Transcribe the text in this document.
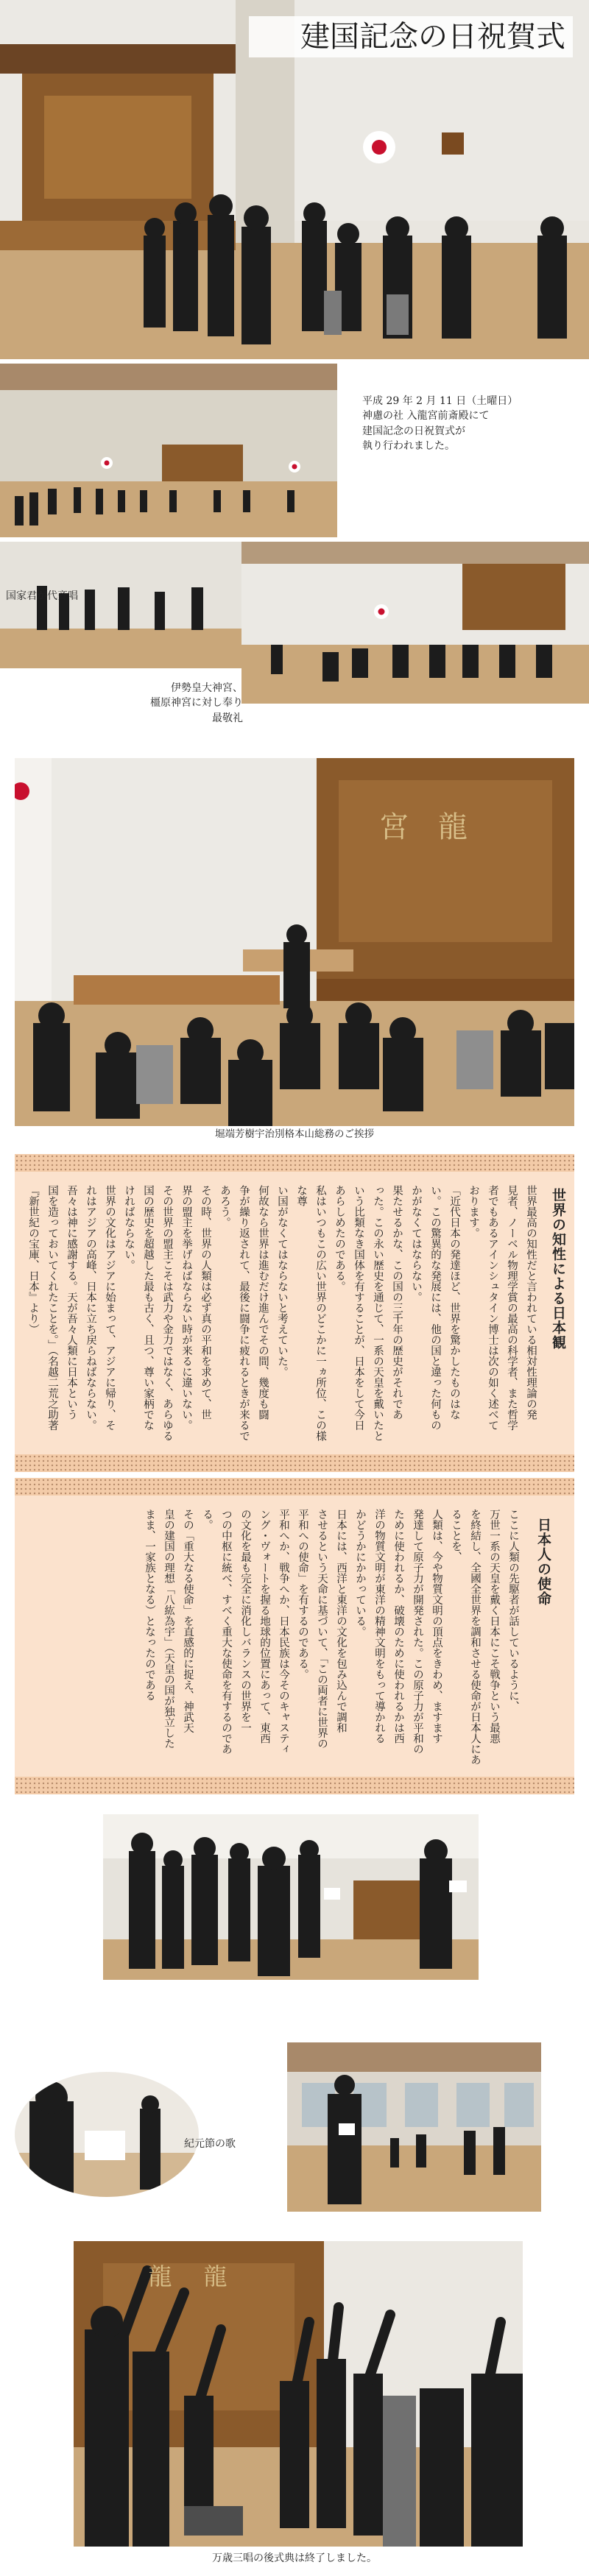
建国記念の日祝賀式
平成 29 年 2 月 11 日（土曜日）
神慮の社 入龍宮前斎殿にて
建国記念の日祝賀式が
執り行われました。
国家君が代斉唱
伊勢皇大神宮、
橿原神宮に対し奉り
最敬礼
宮 龍
堀端芳樹宇治別格本山総務のご挨拶
世界の知性による日本観
世界最高の知性だと言われている相対性理論の発
見者、ノーベル物理学賞の最高の科学者、また哲学
者でもあるアインシュタイン博士は次の如く述べて
おります。
「近代日本の発達ほど、世界を驚かしたものはな
い。この驚異的な発展には、他の国と違った何もの
かがなくてはならない。
果たせるかな、この国の三千年の歴史がそれであ
った。この永い歴史を通じて、一系の天皇を戴いたと
いう比類なき国体を有することが、日本をして今日
あらしめたのである。
私はいつもこの広い世界のどこかに一ヵ所位、この様な尊
い国がなくてはならないと考えていた。
何故なら世界は進むだけ進んでその間、幾度も闘
争が繰り返されて、最後に闘争に疲れるときが来るで
あろう。
その時、世界の人類は必ず真の平和を求めて、世
界の盟主を挙げねばならない時が来るに違いない。
その世界の盟主こそは武力や金力ではなく、あらゆる
国の歴史を超越した最も古く、且つ、尊い家柄でな
ければならない。
世界の文化はアジアに始まって、アジアに帰り、そ
れはアジアの高峰、日本に立ち戻らねばならない。
吾々は神に感謝する。天が吾々人類に日本という
国を造っておいてくれたことを。」（名越二荒之助著
『新世紀の宝庫、日本』より）
日本人の使命
ここに人類の先駆者が話しているように、
万世一系の天皇を戴く日本にこそ戦争という最悪
を終結し、全國全世界を調和させる使命が日本人にあ
ることを、
人類は、今や物質文明の頂点をきわめ、ますます
発達して原子力が開発された。この原子力が平和の
ために使われるか、破壊のために使われるかは西
洋の物質文明が東洋の精神文明をもって導かれる
かどうかにかかっている。
日本には、西洋と東洋の文化を包み込んで調和
させるという天命に基づいて、「この両者に世界の
平和への使命」を有するのである。
平和へか、戦争へか、日本民族は今そのキャスティ
ング・ヴォートを握る地球的位置にあって、東西
の文化を最も完全に消化しバランスの世界を一
つの中枢に統べ、すべく重大な使命を有するのであ
る。
その「重大なる使命」を直感的に捉え、神武天
皇の建国の理想「八紘為宇」（天皇の国が独立した
まま、一家族となる）となったのである
紀元節の歌
龍 龍
万歳三唱の後式典は終了しました。
